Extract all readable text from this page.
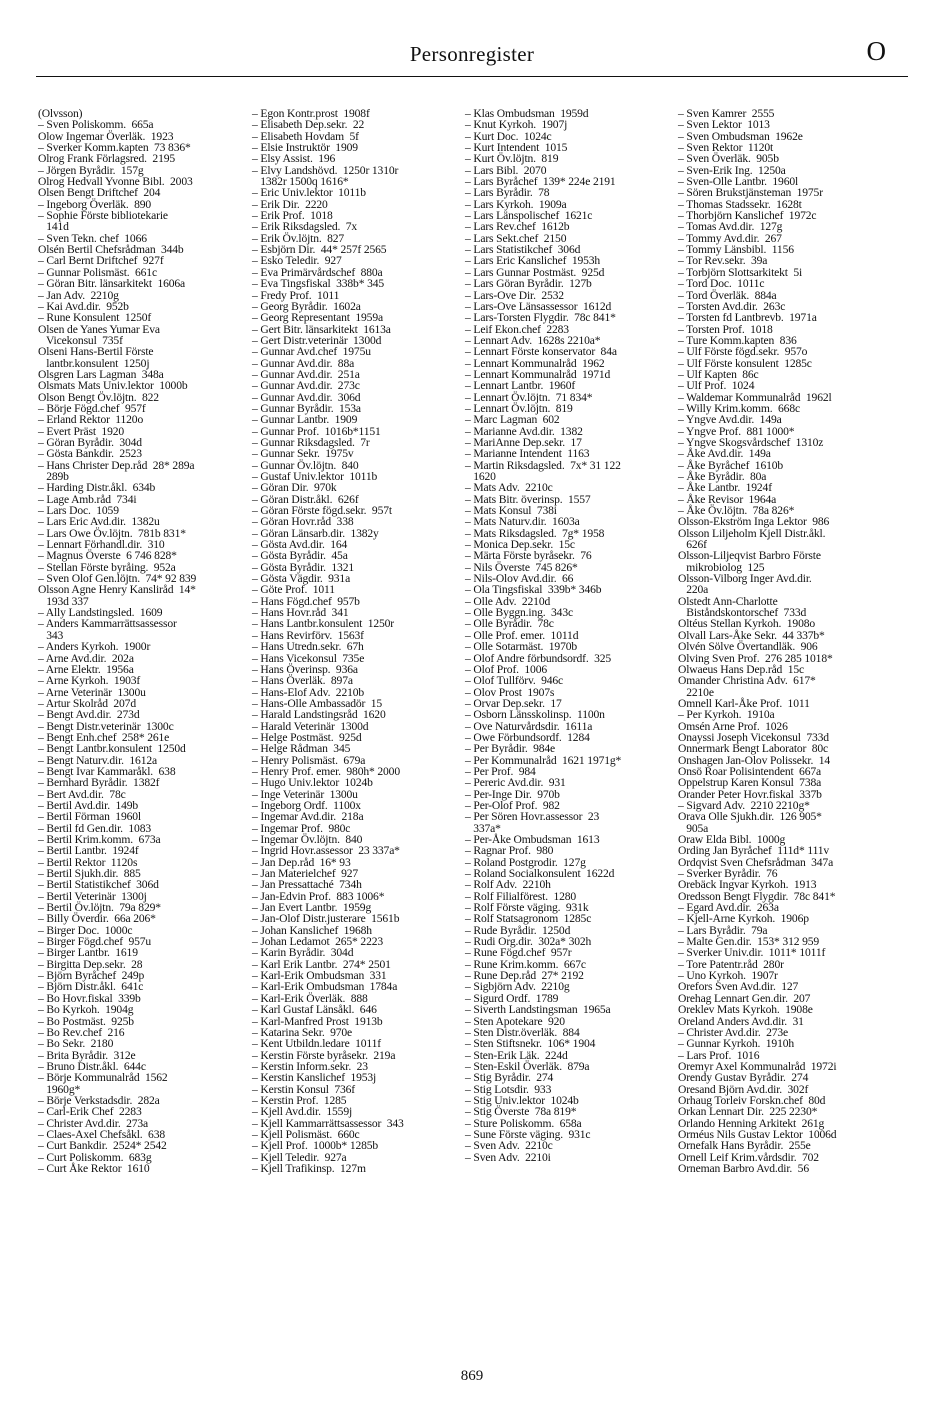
Personregister	O
(Olvsson)
– Sven Poliskomm.  665a
Olow Ingemar Överläk.  1923
– Sverker Komm.kapten  73 836*
Olrog Frank Förlagsred.  2195
– Jörgen Byrådir.  157g
Olrog Hedvall Yvonne Bibl.  2003
Olsen Bengt Driftchef  204
– Ingeborg Överläk.  890
– Sophie Förste bibliotekarie
141d
– Sven Tekn. chef  1066
Olsén Bertil Chefsrådman  344b
– Carl Bernt Driftchef  927f
– Gunnar Polismäst.  661c
– Göran Bitr. länsarkitekt  1606a
– Jan Adv.  2210g
– Kai Avd.dir.  952b
– Rune Konsulent  1250f
Olsen de Yanes Yumar Eva
Vicekonsul  735f
Olseni Hans-Bertil Förste
lantbr.konsulent  1250j
Olsgren Lars Lagman  348a
Olsmats Mats Univ.lektor  1000b
Olson Bengt Öv.löjtn.  822
– Börje Fögd.chef  957f
– Erland Rektor  1120o
– Evert Präst  1920
– Göran Byrådir.  304d
– Gösta Bankdir.  2523
– Hans Christer Dep.råd  28* 289a
289b
– Harding Distr.åkl.  634b
– Lage Amb.råd  734i
– Lars Doc.  1059
– Lars Eric Avd.dir.  1382u
– Lars Owe Öv.löjtn.  781b 831*
– Lennart Förhandl.dir.  310
– Magnus Överste  6 746 828*
– Stellan Förste byråing.  952a
– Sven Olof Gen.löjtn.  74* 92 839
Olsson Agne Henry Kanslіråd  14*
193d 337
– Ally Landstingsled.  1609
– Anders Kammarrättsassessor
343
– Anders Kyrkoh.  1900r
– Arne Avd.dir.  202a
– Arne Elektr.  1956a
– Arne Kyrkoh.  1903f
– Arne Veterinär  1300u
– Artur Skolråd  207d
– Bengt Avd.dir.  273d
– Bengt Distr.veterinär  1300c
– Bengt Enh.chef  258* 261e
– Bengt Lantbr.konsulent  1250d
– Bengt Naturv.dir.  1612a
– Bengt Ivar Kammaråkl.  638
– Bernhard Byrådir.  1382f
– Bert Avd.dir.  78c
– Bertil Avd.dir.  149b
– Bertil Förman  1960l
– Bertil fd Gen.dir.  1083
– Bertil Krim.komm.  673a
– Bertil Lantbr.  1924f
– Bertil Rektor  1120s
– Bertil Sjukh.dir.  885
– Bertil Statistikchef  306d
– Bertil Veterinär  1300j
– Bertil Öv.löjtn.  79a 829*
– Billy Överdir.  66a 206*
– Birger Doc.  1000c
– Birger Fögd.chef  957u
– Birger Lantbr.  1619
– Birgitta Dep.sekr.  28
– Björn Byråchef  249p
– Björn Distr.åkl.  641c
– Bo Hovr.fiskal  339b
– Bo Kyrkoh.  1904g
– Bo Postmäst.  925b
– Bo Rev.chef  216
– Bo Sekr.  2180
– Brita Byrådir.  312e
– Bruno Distr.åkl.  644c
– Börje Kommunalråd  1562
1960g*
– Börje Verkstadsdir.  282a
– Carl-Erik Chef  2283
– Christer Avd.dir.  273a
– Claes-Axel Chefsåkl.  638
– Curt Bankdir.  2524* 2542
– Curt Poliskomm.  683g
– Curt Åke Rektor  1610
– Egon Kontr.prost  1908f
– Elisabeth Dep.sekr.  22
– Elisabeth Hovdam  5f
– Elsie Instruktör  1909
– Elsy Assist.  196
– Elvy Landshövd.  1250r 1310r
1382r 1500q 1616*
– Eric Univ.lektor  1011b
– Erik Dir.  2220
– Erik Prof.  1018
– Erik Riksdagsled.  7x
– Erik Öv.löjtn.  827
– Esbjörn Dir.  44* 257f 2565
– Esko Teledir.  927
– Eva Primärvårdschef  880a
– Eva Tingsfiskal  338b* 345
– Fredy Prof.  1011
– Georg Byrådir.  1602a
– Georg Representant  1959a
– Gert Bitr. länsarkitekt  1613a
– Gert Distr.veterinär  1300d
– Gunnar Avd.chef  1975u
– Gunnar Avd.dir.  88a
– Gunnar Avd.dir.  251a
– Gunnar Avd.dir.  273c
– Gunnar Avd.dir.  306d
– Gunnar Byrådir.  153a
– Gunnar Lantbr.  1909
– Gunnar Prof.  1016b*1151
– Gunnar Riksdagsled.  7r
– Gunnar Sekr.  1975v
– Gunnar Öv.löjtn.  840
– Gustaf Univ.lektor  1011b
– Göran Dir.  970k
– Göran Distr.åkl.  626f
– Göran Förste fögd.sekr.  957t
– Göran Hovr.råd  338
– Göran Länsarb.dir.  1382y
– Gösta Avd.dir.  164
– Gösta Byrådir.  45a
– Gösta Byrådir.  1321
– Gösta Vägdir.  931a
– Göte Prof.  1011
– Hans Fögd.chef  957b
– Hans Hovr.råd  341
– Hans Lantbr.konsulent  1250r
– Hans Revirförv.  1563f
– Hans Utredn.sekr.  67h
– Hans Vicekonsul  735e
– Hans Överinsp.  936a
– Hans Överläk.  897a
– Hans-Elof Adv.  2210b
– Hans-Olle Ambassadör  15
– Harald Landstingsråd  1620
– Harald Veterinär  1300d
– Helge Postmäst.  925d
– Helge Rådman  345
– Henry Polismäst.  679a
– Henry Prof. emer.  980h* 2000
– Hugo Univ.lektor  1024b
– Inge Veterinär  1300u
– Ingeborg Ordf.  1100x
– Ingemar Avd.dir.  218a
– Ingemar Prof.  980c
– Ingemar Öv.löjtn.  840
– Ingrid Hovr.assessor  23 337a*
– Jan Dep.råd  16* 93
– Jan Materielchef  927
– Jan Pressattaché  734h
– Jan-Edvin Prof.  883 1006*
– Jan Evert Lantbr.  1959g
– Jan-Olof Distr.justerare  1561b
– Johan Kanslichef  1968h
– Johan Ledamot  265* 2223
– Karin Byrådir.  304d
– Karl Erik Lantbr.  274* 2501
– Karl-Erik Ombudsman  331
– Karl-Erik Ombudsman  1784a
– Karl-Erik Överläk.  888
– Karl Gustaf Länsåkl.  646
– Karl-Manfred Prost  1913b
– Katarina Sekr.  970e
– Kent Utbildn.ledare  1011f
– Kerstin Förste byråsekr.  219a
– Kerstin Inform.sekr.  23
– Kerstin Kanslichef  1953j
– Kerstin Konsul  736f
– Kerstin Prof.  1285
– Kjell Avd.dir.  1559j
– Kjell Kammarrättsassessor  343
– Kjell Polismäst.  660c
– Kjell Prof.  1000b* 1285b
– Kjell Teledir.  927a
– Kjell Trafikinsp.  127m
– Klas Ombudsman  1959d
– Knut Kyrkoh.  1907j
– Kurt Doc.  1024c
– Kurt Intendent  1015
– Kurt Öv.löjtn.  819
– Lars Bibl.  2070
– Lars Byråchef  139* 224e 2191
– Lars Byrådir.  78
– Lars Kyrkoh.  1909a
– Lars Länspolischef  1621c
– Lars Rev.chef  1612b
– Lars Sekt.chef  2150
– Lars Statistikchef  306d
– Lars Eric Kanslichef  1953h
– Lars Gunnar Postmäst.  925d
– Lars Göran Byrådir.  127b
– Lars-Ove Dir.  2532
– Lars-Ove Länsassessor  1612d
– Lars-Torsten Flygdir.  78c 841*
– Leif Ekon.chef  2283
– Lennart Adv.  1628s 2210a*
– Lennart Förste konservator  84a
– Lennart Kommunalråd  1962
– Lennart Kommunalråd  1971d
– Lennart Lantbr.  1960f
– Lennart Öv.löjtn.  71 834*
– Lennart Öv.löjtn.  819
– Marc Lagman  602
– Marianne Avd.dir.  1382
– MariAnne Dep.sekr.  17
– Marianne Intendent  1163
– Martin Riksdagsled.  7x* 31 122
1620
– Mats Adv.  2210c
– Mats Bitr. överinsp.  1557
– Mats Konsul  738i
– Mats Naturv.dir.  1603a
– Mats Riksdagsled.  7g* 1958
– Monica Dep.sekr.  15c
– Märta Förste byråsekr.  76
– Nils Överste  745 826*
– Nils-Olov Avd.dir.  66
– Ola Tingsfiskal  339b* 346b
– Olle Adv.  2210d
– Olle Byggn.ing.  343c
– Olle Byrådir.  78c
– Olle Prof. emer.  1011d
– Olle Sotarmäst.  1970b
– Olof Andre förbundsordf.  325
– Olof Prof.  1006
– Olof Tullförv.  946c
– Olov Prost  1907s
– Orvar Dep.sekr.  17
– Osborn Länsskolinsp.  1100n
– Ove Naturvårdsdir.  1611a
– Owe Förbundsordf.  1284
– Per Byrådir.  984e
– Per Kommunalråd  1621 1971g*
– Per Prof.  984
– Pereric Avd.dir.  931
– Per-Inge Dir.  970b
– Per-Olof Prof.  982
– Per Sören Hovr.assessor  23
337a*
– Per-Åke Ombudsman  1613
– Ragnar Prof.  980
– Roland Postgrodir.  127g
– Roland Socialkonsulent  1622d
– Rolf Adv.  2210h
– Rolf Filialförest.  1280
– Rolf Förste väging.  931k
– Rolf Statsagronom  1285c
– Rude Byrådir.  1250d
– Rudi Org.dir.  302a* 302h
– Rune Fögd.chef  957r
– Rune Krim.komm.  667c
– Rune Dep.råd  27* 2192
– Sigbjörn Adv.  2210g
– Sigurd Ordf.  1789
– Siverth Landstingsman  1965a
– Sten Apotekare  920
– Sten Distr.överläk.  884
– Sten Stiftsnekr.  106* 1904
– Sten-Erik Läk.  224d
– Sten-Eskil Överläk.  879a
– Stig Byrådir.  274
– Stig Lotsdir.  933
– Stig Univ.lektor  1024b
– Stig Överste  78a 819*
– Sture Poliskomm.  658a
– Sune Förste väging.  931c
– Sven Adv.  2210c
– Sven Adv.  2210i
– Sven Kamrer  2555
– Sven Lektor  1013
– Sven Ombudsman  1962e
– Sven Rektor  1120t
– Sven Överläk.  905b
– Sven-Erik Ing.  1250a
– Sven-Olle Lantbr.  1960l
– Sören Brukstjänsteman  1975r
– Thomas Stadssekr.  1628t
– Thorbjörn Kanslichef  1972c
– Tomas Avd.dir.  127g
– Tommy Avd.dir.  267
– Tommy Länsbibl.  1156
– Tor Rev.sekr.  39a
– Torbjörn Slottsarkitekt  5i
– Tord Doc.  1011c
– Tord Överläk.  884a
– Torsten Avd.dir.  263c
– Torsten fd Lantbrevb.  1971a
– Torsten Prof.  1018
– Ture Komm.kapten  836
– Ulf Förste fögd.sekr.  957o
– Ulf Förste konsulent  1285c
– Ulf Kapten  86c
– Ulf Prof.  1024
– Waldemar Kommunalråd  1962l
– Willy Krim.komm.  668c
– Yngve Avd.dir.  149a
– Yngve Prof.  881 1000*
– Yngve Skogsvårdschef  1310z
– Åke Avd.dir.  149a
– Åke Byråchef  1610b
– Åke Byrådir.  80a
– Åke Lantbr.  1924f
– Åke Revisor  1964a
– Åke Öv.löjtn.  78a 826*
Olsson-Ekström Inga Lektor  986
Olsson Liljeholm Kjell Distr.åkl.
626f
Olsson-Liljeqvist Barbro Förste
mikrobiolog  125
Olsson-Vilborg Inger Avd.dir.
220a
Olstedt Ann-Charlotte
Biståndskontorschef  733d
Oltéus Stellan Kyrkoh.  1908o
Olvall Lars-Åke Sekr.  44 337b*
Olvén Sölve Övertandläk.  906
Olving Sven Prof.  276 285 1018*
Olwaeus Hans Dep.råd  15c
Omander Christina Adv.  617*
2210e
Omnell Karl-Åke Prof.  1011
– Per Kyrkoh.  1910a
Omsén Arne Prof.  1026
Onayssi Joseph Vicekonsul  733d
Onnermark Bengt Laborator  80c
Onshagen Jan-Olov Polissekr.  14
Onsö Roar Polisintendent  667a
Oppelstrup Karen Konsul  738a
Orander Peter Hovr.fiskal  337b
– Sigvard Adv.  2210 2210g*
Orava Olle Sjukh.dir.  126 905*
905a
Oraw Elda Bibl.  1000g
Ording Jan Byråchef  111d* 111v
Ordqvist Sven Chefsrådman  347a
– Sverker Byrådir.  76
Orebäck Ingvar Kyrkoh.  1913
Oredsson Bengt Flygdir.  78c 841*
– Egard Avd.dir.  263a
– Kjell-Arne Kyrkoh.  1906p
– Lars Byrådir.  79a
– Malte Gen.dir.  153* 312 959
– Sverker Univ.dir.  1011* 1011f
– Tore Patentr.råd  280r
– Uno Kyrkoh.  1907r
Orefors Sven Avd.dir.  127
Orehag Lennart Gen.dir.  207
Oreklev Mats Kyrkoh.  1908e
Oreland Anders Avd.dir.  31
– Christer Avd.dir.  273e
– Gunnar Kyrkoh.  1910h
– Lars Prof.  1016
Oremyr Axel Kommunalråd  1972i
Orendy Gustav Byrådir.  274
Oresand Björn Avd.dir.  302f
Orhaug Torleiv Forskn.chef  80d
Orkan Lennart Dir.  225 2230*
Orlando Henning Arkitekt  261g
Orméus Nils Gustav Lektor  1006d
Ornefalk Hans Byrådir.  255e
Ornell Leif Krim.vårdsdir.  702
Orneman Barbro Avd.dir.  56
869
